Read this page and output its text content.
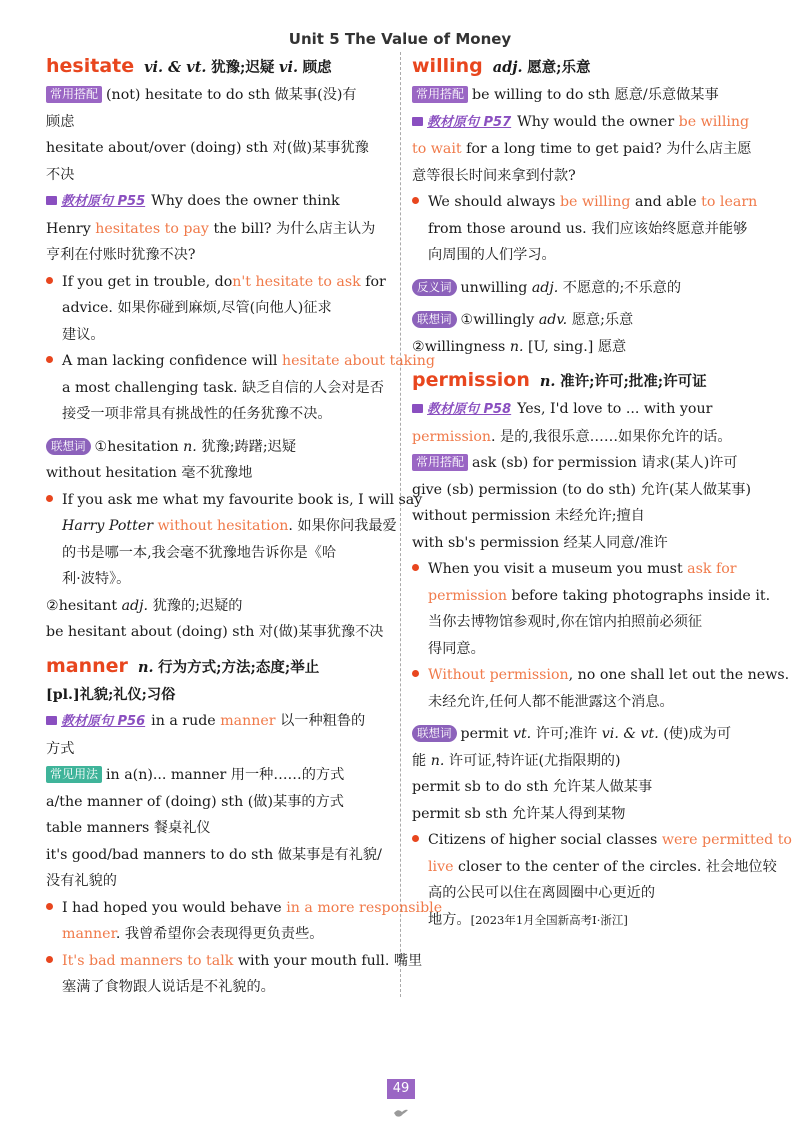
Unit 5 The Value of Money
hesitate vi. & vt. 犹豫;迟疑 vi. 顾虑
常用搭配 (not) hesitate to do sth 做某事(没)有
顾虑
hesitate about/over (doing) sth 对(做)某事犹豫
不决
教材原句 P55 Why does the owner think
Henry hesitates to pay the bill? 为什么店主认为
亨利在付账时犹豫不决?
If you get in trouble, don't hesitate to ask for
advice. 如果你碰到麻烦,尽管(向他人)征求
建议。
A man lacking confidence will hesitate about taking
a most challenging task. 缺乏自信的人会对是否
接受一项非常具有挑战性的任务犹豫不决。
联想词 ①hesitation n. 犹豫;踌躇;迟疑
without hesitation 毫不犹豫地
If you ask me what my favourite book is, I will say
Harry Potter without hesitation. 如果你问我最爱
的书是哪一本,我会毫不犹豫地告诉你是《哈
利·波特》。
②hesitant adj. 犹豫的;迟疑的
be hesitant about (doing) sth 对(做)某事犹豫不决
manner n. 行为方式;方法;态度;举止
[pl.]礼貌;礼仪;习俗
教材原句 P56 in a rude manner 以一种粗鲁的
方式
常见用法 in a(n)... manner 用一种……的方式
a/the manner of (doing) sth (做)某事的方式
table manners 餐桌礼仪
it's good/bad manners to do sth 做某事是有礼貌/
没有礼貌的
I had hoped you would behave in a more responsible
manner. 我曾希望你会表现得更负责些。
It's bad manners to talk with your mouth full. 嘴里
塞满了食物跟人说话是不礼貌的。
willing adj. 愿意;乐意
常用搭配 be willing to do sth 愿意/乐意做某事
教材原句 P57 Why would the owner be willing
to wait for a long time to get paid? 为什么店主愿
意等很长时间来拿到付款?
We should always be willing and able to learn
from those around us. 我们应该始终愿意并能够
向周围的人们学习。
反义词 unwilling adj. 不愿意的;不乐意的
联想词 ①willingly adv. 愿意;乐意
②willingness n. [U, sing.] 愿意
permission n. 准许;许可;批准;许可证
教材原句 P58 Yes, I'd love to ... with your
permission. 是的,我很乐意……如果你允许的话。
常用搭配 ask (sb) for permission 请求(某人)许可
give (sb) permission (to do sth) 允许(某人做某事)
without permission 未经允许;擅自
with sb's permission 经某人同意/准许
When you visit a museum you must ask for
permission before taking photographs inside it.
当你去博物馆参观时,你在馆内拍照前必须征
得同意。
Without permission, no one shall let out the news.
未经允许,任何人都不能泄露这个消息。
联想词 permit vt. 许可;准许 vi. & vt. (使)成为可
能 n. 许可证,特许证(尤指限期的)
permit sb to do sth 允许某人做某事
permit sb sth 允许某人得到某物
Citizens of higher social classes were permitted to
live closer to the center of the circles. 社会地位较
高的公民可以住在离圆圈中心更近的
地方。[2023年1月全国新高考Ⅰ·浙江]
49
